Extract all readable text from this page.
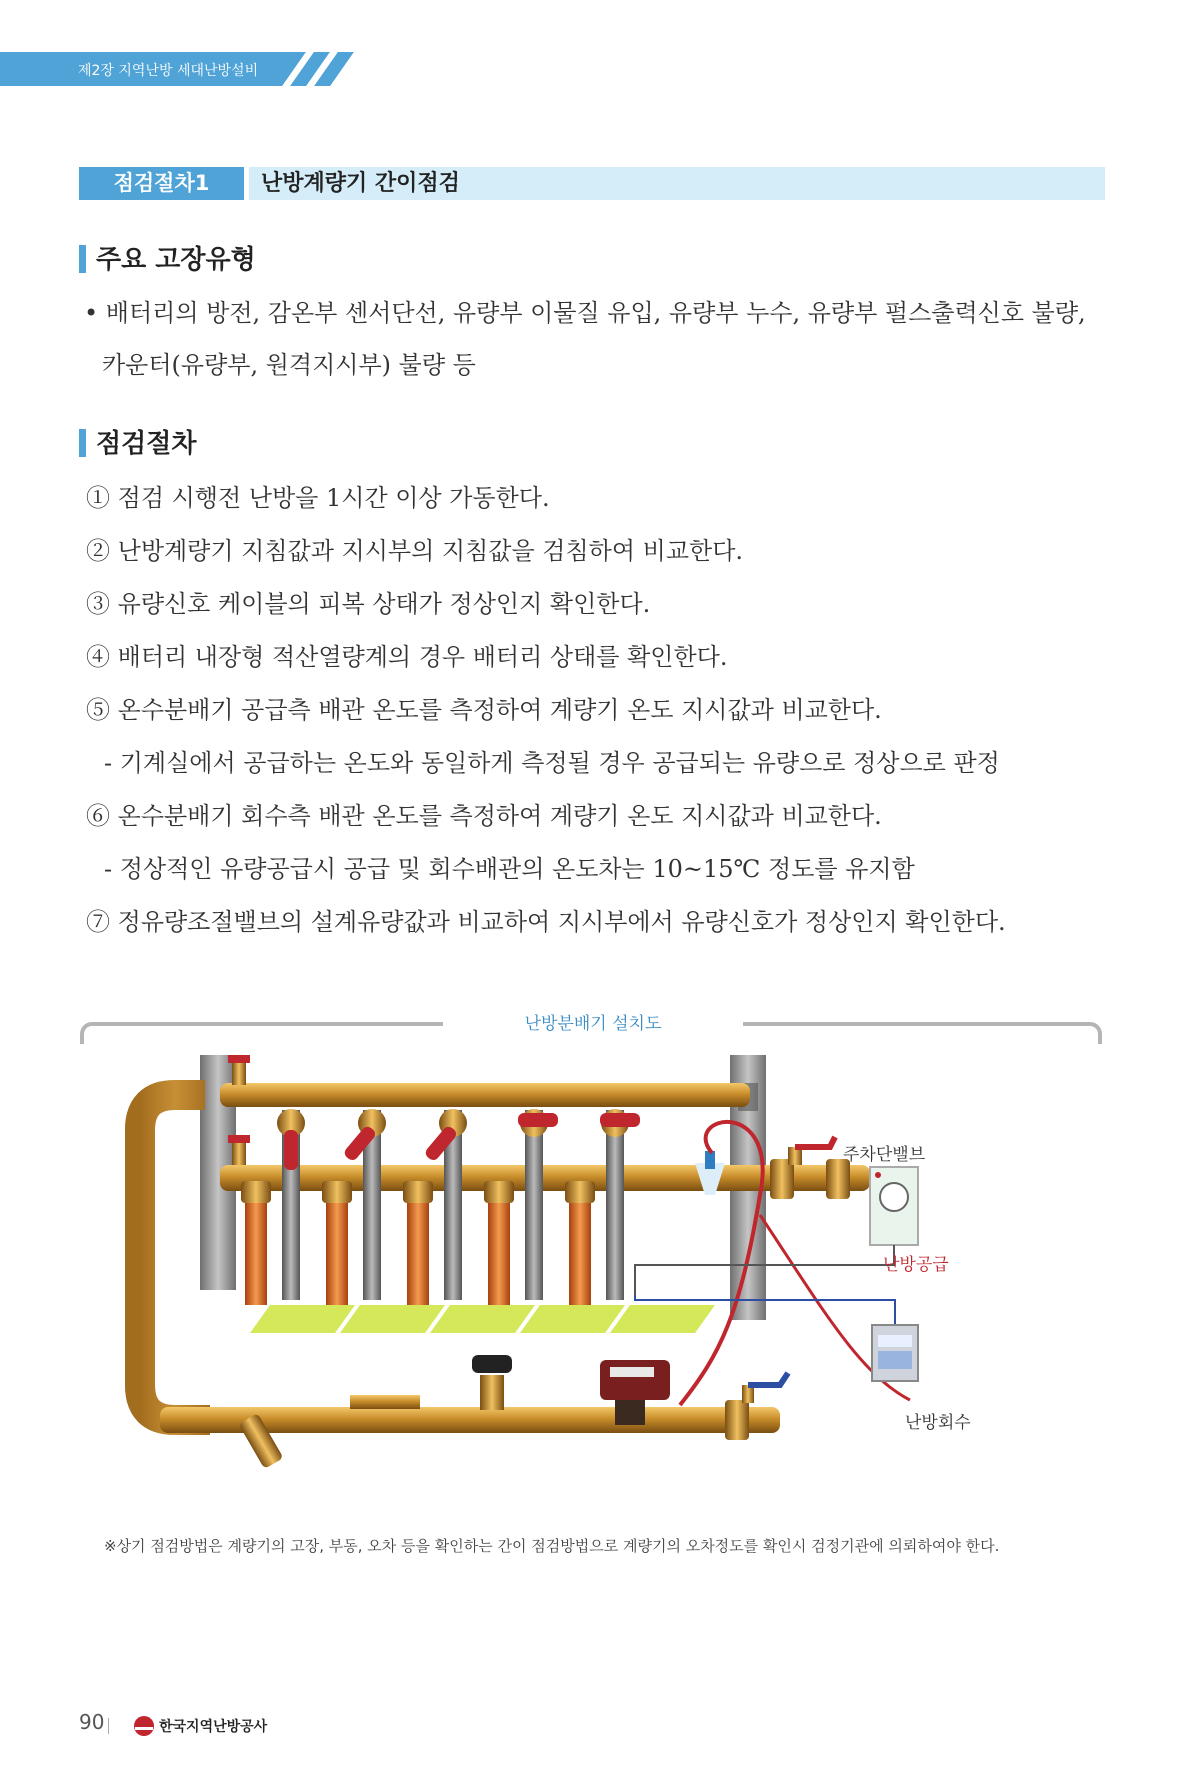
제2장 지역난방 세대난방설비
점검절차1	난방계량기 간이점검
주요 고장유형
• 배터리의 방전, 감온부 센서단선, 유량부 이물질 유입, 유량부 누수, 유량부 펄스출력신호 불량,
카운터(유량부, 원격지시부) 불량 등
점검절차
① 점검 시행전 난방을 1시간 이상 가동한다.
② 난방계량기 지침값과 지시부의 지침값을 검침하여 비교한다.
③ 유량신호 케이블의 피복 상태가 정상인지 확인한다.
④ 배터리 내장형 적산열량계의 경우 배터리 상태를 확인한다.
⑤ 온수분배기 공급측 배관 온도를 측정하여 계량기 온도 지시값과 비교한다.
- 기계실에서 공급하는 온도와 동일하게 측정될 경우 공급되는 유량으로 정상으로 판정
⑥ 온수분배기 회수측 배관 온도를 측정하여 계량기 온도 지시값과 비교한다.
- 정상적인 유량공급시 공급 및 회수배관의 온도차는 10~15℃ 정도를 유지함
⑦ 정유량조절밸브의 설계유량값과 비교하여 지시부에서 유량신호가 정상인지 확인한다.
난방분배기 설치도
주차단밸브
난방공급
난방회수
※상기 점검방법은 계량기의 고장, 부동, 오차 등을 확인하는 간이 점검방법으로 계량기의 오차정도를 확인시 검정기관에 의뢰하여야 한다.
90	한국지역난방공사
